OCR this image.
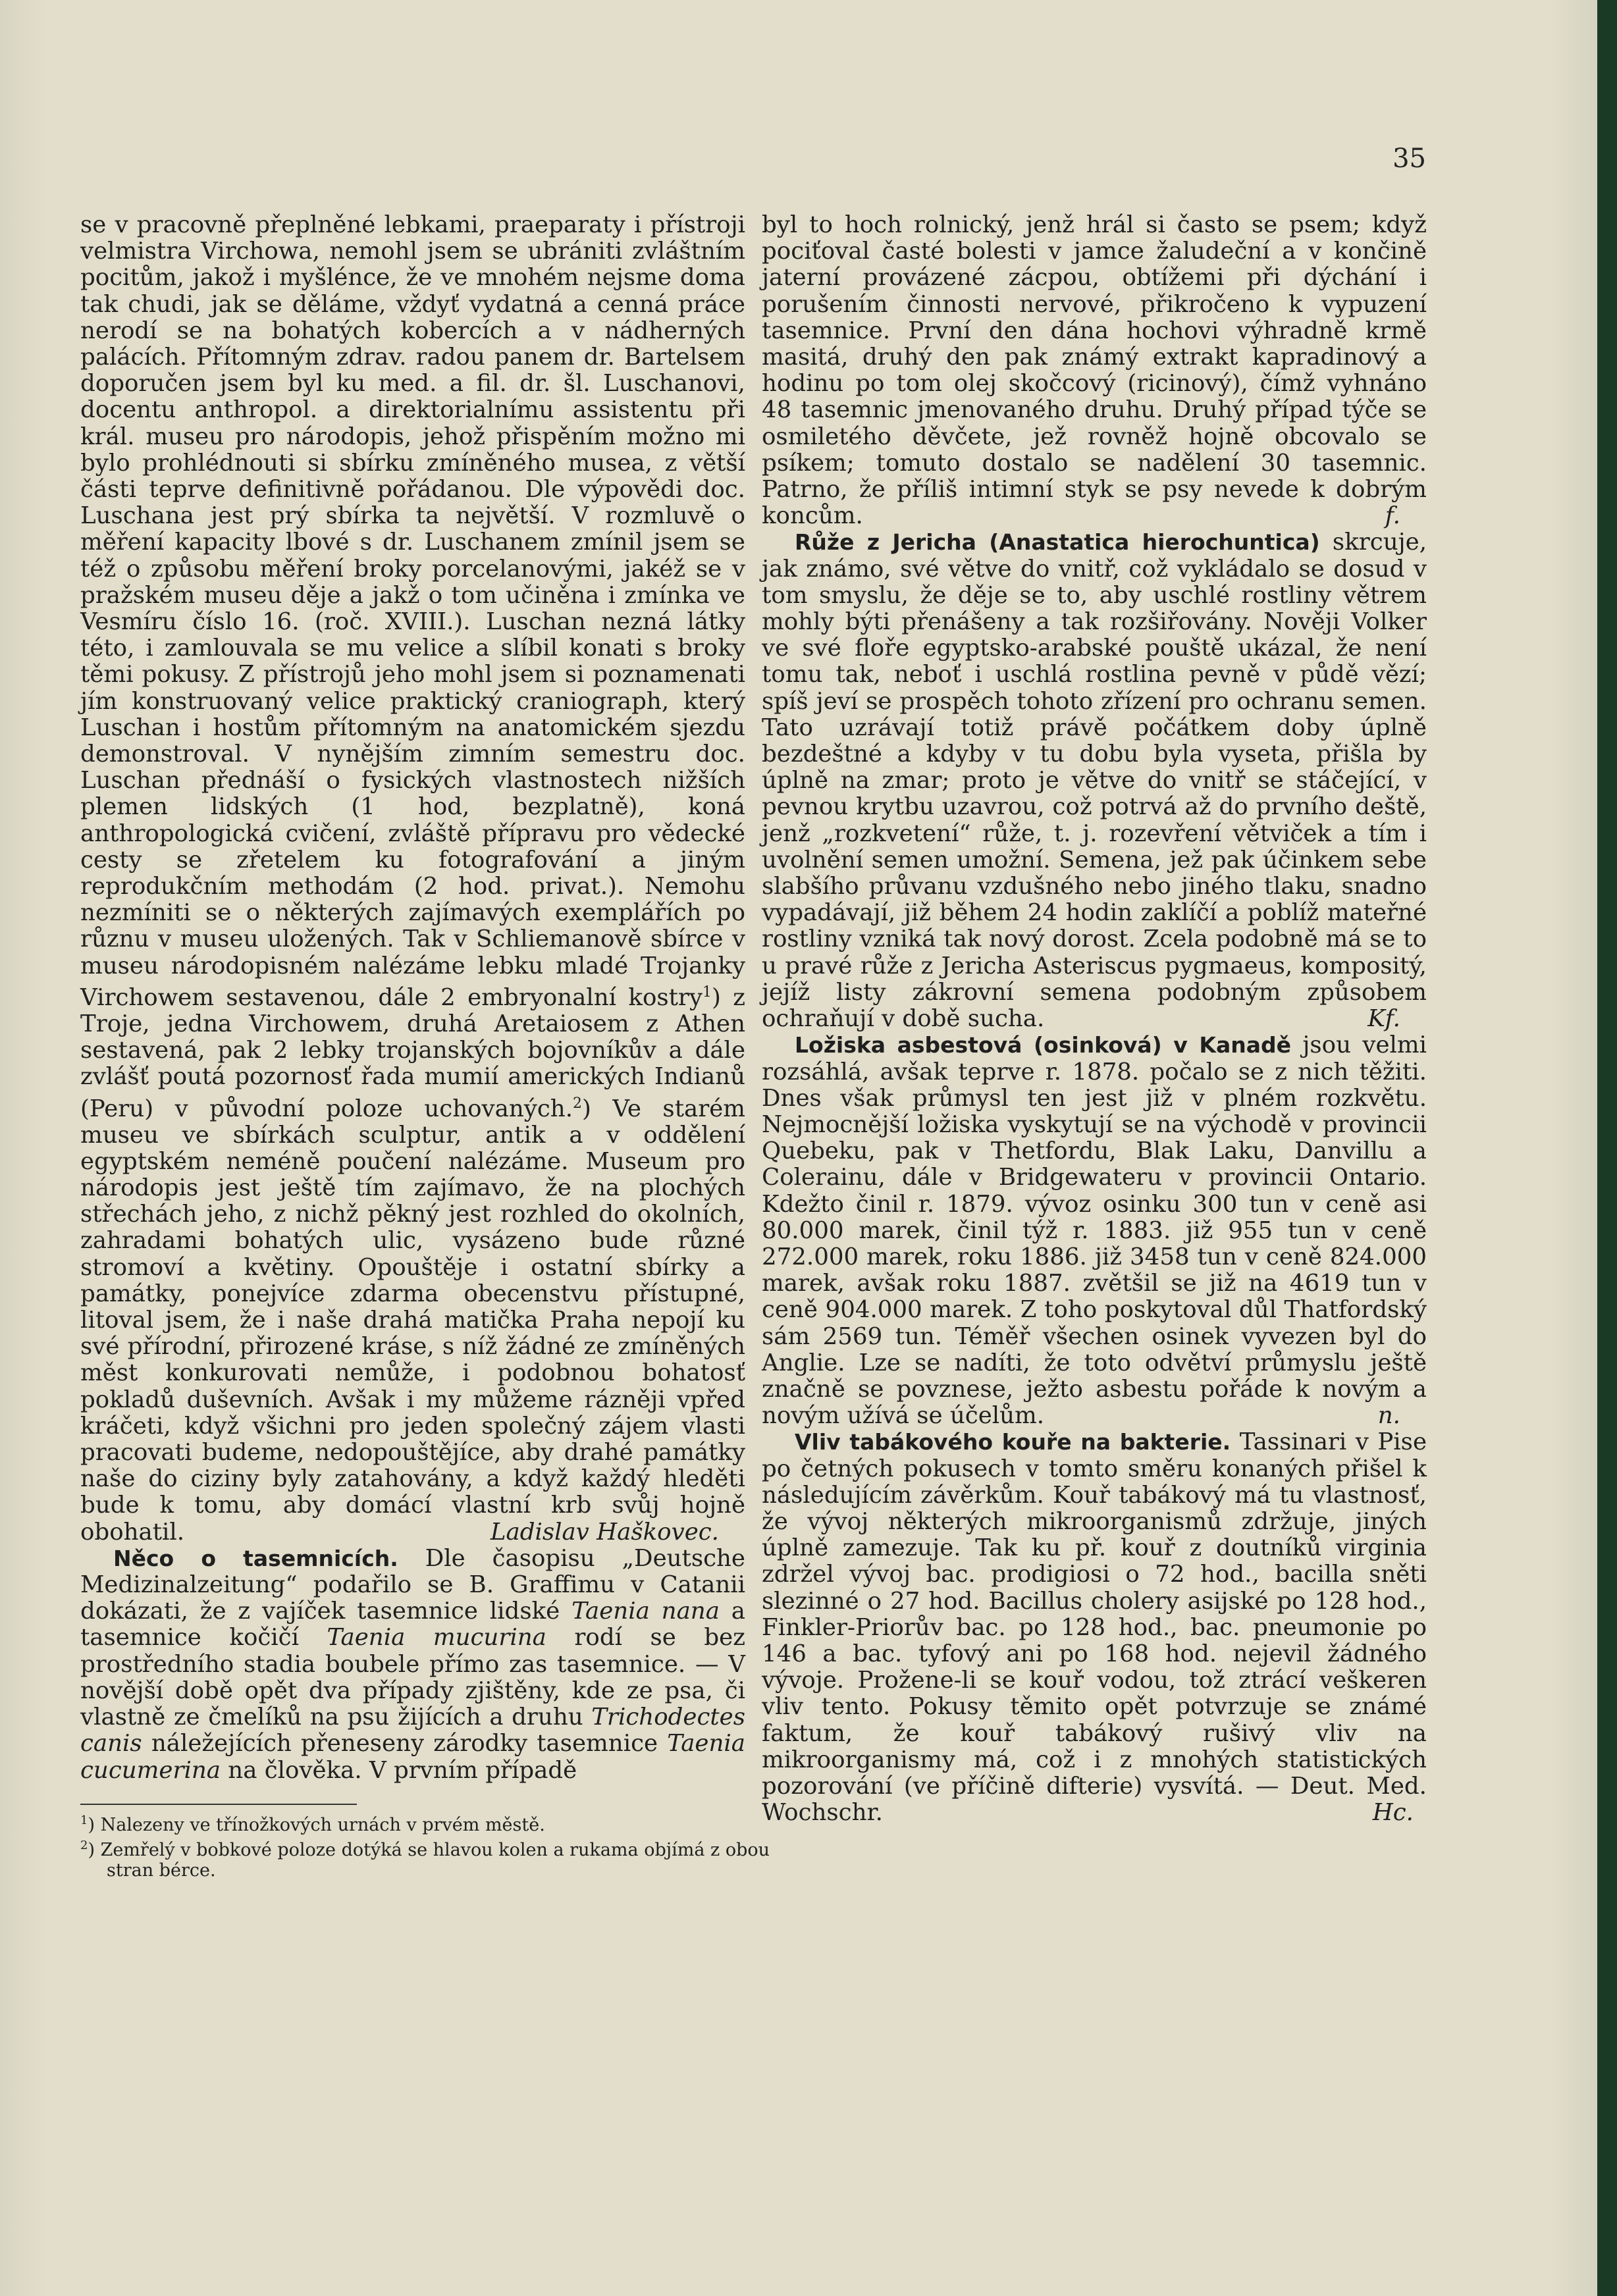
35

se v pracovně přeplněné lebkami, praeparaty i přístroji velmistra Virchowa, nemohl jsem se ubrániti zvláštním pocitům, jakož i myšlénce, že ve mnohém nejsme doma tak chudi, jak se děláme, vždyť vydatná a cenná práce nerodí se na bohatých kobercích a v nádherných palácích. Přítomným zdrav. radou panem dr. Bartelsem doporučen jsem byl ku med. a fil. dr. šl. Luschanovi, docentu anthropol. a direktorialnímu assistentu při král. museu pro národopis, jehož přispěním možno mi bylo prohlédnouti si sbírku zmíněného musea, z větší části teprve definitivně pořádanou. Dle výpovědi doc. Luschana jest prý sbírka ta největší. V rozmluvě o měření kapacity lbové s dr. Luschanem zmínil jsem se též o způsobu měření broky porcelanovými, jakéž se v pražském museu děje a jakž o tom učiněna i zmínka ve Vesmíru číslo 16. (roč. XVIII.). Luschan nezná látky této, i zamlouvala se mu velice a slíbil konati s broky těmi pokusy. Z přístrojů jeho mohl jsem si poznamenati jím konstruovaný velice praktický craniograph, který Luschan i hostům přítomným na anatomickém sjezdu demonstroval. V nynějším zimním semestru doc. Luschan přednáší o fysických vlastnostech nižších plemen lidských (1 hod, bezplatně), koná anthropologická cvičení, zvláště přípravu pro vědecké cesty se zřetelem ku fotografování a jiným reprodukčním methodám (2 hod. privat.). Nemohu nezmíniti se o některých zajímavých exemplářích po různu v museu uložených. Tak v Schliemanově sbírce v museu národopisném nalézáme lebku mladé Trojanky Virchowem sestavenou, dále 2 embryonalní kostry$^1$) z Troje, jedna Virchowem, druhá Aretaiosem z Athen sestavená, pak 2 lebky trojanských bojovníkův a dále zvlášť poutá pozornosť řada mumií amerických Indianů (Peru) v původní poloze uchovaných.$^2$) Ve starém museu ve sbírkách sculptur, antik a v oddělení egyptském neméně poučení nalézáme. Museum pro národopis jest ještě tím zajímavo, že na plochých střechách jeho, z nichž pěkný jest rozhled do okolních, zahradami bohatých ulic, vysázeno bude různé stromoví a květiny. Opouštěje i ostatní sbírky a památky, ponejvíce zdarma obecenstvu přístupné, litoval jsem, že i naše drahá matička Praha nepojí ku své přírodní, přirozené kráse, s níž žádné ze zmíněných měst konkurovati nemůže, i podobnou bohatosť pokladů duševních. Avšak i my můžeme rázněji vpřed kráčeti, když všichni pro jeden společný zájem vlasti pracovati budeme, nedopouštějíce, aby drahé památky naše do ciziny byly zatahovány, a když každý hleděti bude k tomu, aby domácí vlastní krb svůj hojně obohatil.	Ladislav Haškovec.

Něco o tasemnicích. Dle časopisu „Deutsche Medizinalzeitung“ podařilo se B. Graffimu v Catanii dokázati, že z vajíček tasemnice lidské Taenia nana a tasemnice kočičí Taenia mucurina rodí se bez prostředního stadia boubele přímo zas tasemnice. — V novější době opět dva případy zjištěny, kde ze psa, či vlastně ze čmelíků na psu žijících a druhu Trichodectes canis náležejících přeneseny zárodky tasemnice Taenia cucumerina na člověka. V prvním případě

$^1$) Nalezeny ve třínožkových urnách v prvém městě.
$^2$) Zemřelý v bobkové poloze dotýká se hlavou kolen a rukama objímá z obou stran bérce.

byl to hoch rolnický, jenž hrál si často se psem; když pociťoval časté bolesti v jamce žaludeční a v končině jaterní provázené zácpou, obtížemi při dýchání i porušením činnosti nervové, přikročeno k vypuzení tasemnice. První den dána hochovi výhradně krmě masitá, druhý den pak známý extrakt kapradinový a hodinu po tom olej skočcový (ricinový), čímž vyhnáno 48 tasemnic jmenovaného druhu. Druhý případ týče se osmiletého děvčete, jež rovněž hojně obcovalo se psíkem; tomuto dostalo se nadělení 30 tasemnic. Patrno, že příliš intimní styk se psy nevede k dobrým koncům.	f.

Růže z Jericha (Anastatica hierochuntica) skrcuje, jak známo, své větve do vnitř, což vykládalo se dosud v tom smyslu, že děje se to, aby uschlé rostliny větrem mohly býti přenášeny a tak rozšiřovány. Nověji Volker ve své floře egyptsko-arabské pouště ukázal, že není tomu tak, neboť i uschlá rostlina pevně v půdě vězí; spíš jeví se prospěch tohoto zřízení pro ochranu semen. Tato uzrávají totiž právě počátkem doby úplně bezdeštné a kdyby v tu dobu byla vyseta, přišla by úplně na zmar; proto je větve do vnitř se stáčející, v pevnou krytbu uzavrou, což potrvá až do prvního deště, jenž „rozkvetení“ růže, t. j. rozevření větviček a tím i uvolnění semen umožní. Semena, jež pak účinkem sebe slabšího průvanu vzdušného nebo jiného tlaku, snadno vypadávají, již během 24 hodin zaklíčí a poblíž mateřné rostliny vzniká tak nový dorost. Zcela podobně má se to u pravé růže z Jericha Asteriscus pygmaeus, kompositý, jejíž listy zákrovní semena podobným způsobem ochraňují v době sucha.	Kf.

Ložiska asbestová (osinková) v Kanadě jsou velmi rozsáhlá, avšak teprve r. 1878. počalo se z nich těžiti. Dnes však průmysl ten jest již v plném rozkvětu. Nejmocnější ložiska vyskytují se na východě v provincii Quebeku, pak v Thetfordu, Blak Laku, Danvillu a Colerainu, dále v Bridgewateru v provincii Ontario. Kdežto činil r. 1879. vývoz osinku 300 tun v ceně asi 80.000 marek, činil týž r. 1883. již 955 tun v ceně 272.000 marek, roku 1886. již 3458 tun v ceně 824.000 marek, avšak roku 1887. zvětšil se již na 4619 tun v ceně 904.000 marek. Z toho poskytoval důl Thatfordský sám 2569 tun. Téměř všechen osinek vyvezen byl do Anglie. Lze se nadíti, že toto odvětví průmyslu ještě značně se povznese, ježto asbestu pořáde k novým a novým užívá se účelům.	n.

Vliv tabákového kouře na bakterie. Tassinari v Pise po četných pokusech v tomto směru konaných přišel k následujícím závěrkům. Kouř tabákový má tu vlastnosť, že vývoj některých mikroorganismů zdržuje, jiných úplně zamezuje. Tak ku př. kouř z doutníků virginia zdržel vývoj bac. prodigiosi o 72 hod., bacilla sněti slezinné o 27 hod. Bacillus cholery asijské po 128 hod., Finkler-Priorův bac. po 128 hod., bac. pneumonie po 146 a bac. tyfový ani po 168 hod. nejevil žádného vývoje. Prožene-li se kouř vodou, tož ztrácí veškeren vliv tento. Pokusy těmito opět potvrzuje se známé faktum, že kouř tabákový rušivý vliv na mikroorganismy má, což i z mnohých statistických pozorování (ve příčině difterie) vysvítá. — Deut. Med. Wochschr.	Hc.
